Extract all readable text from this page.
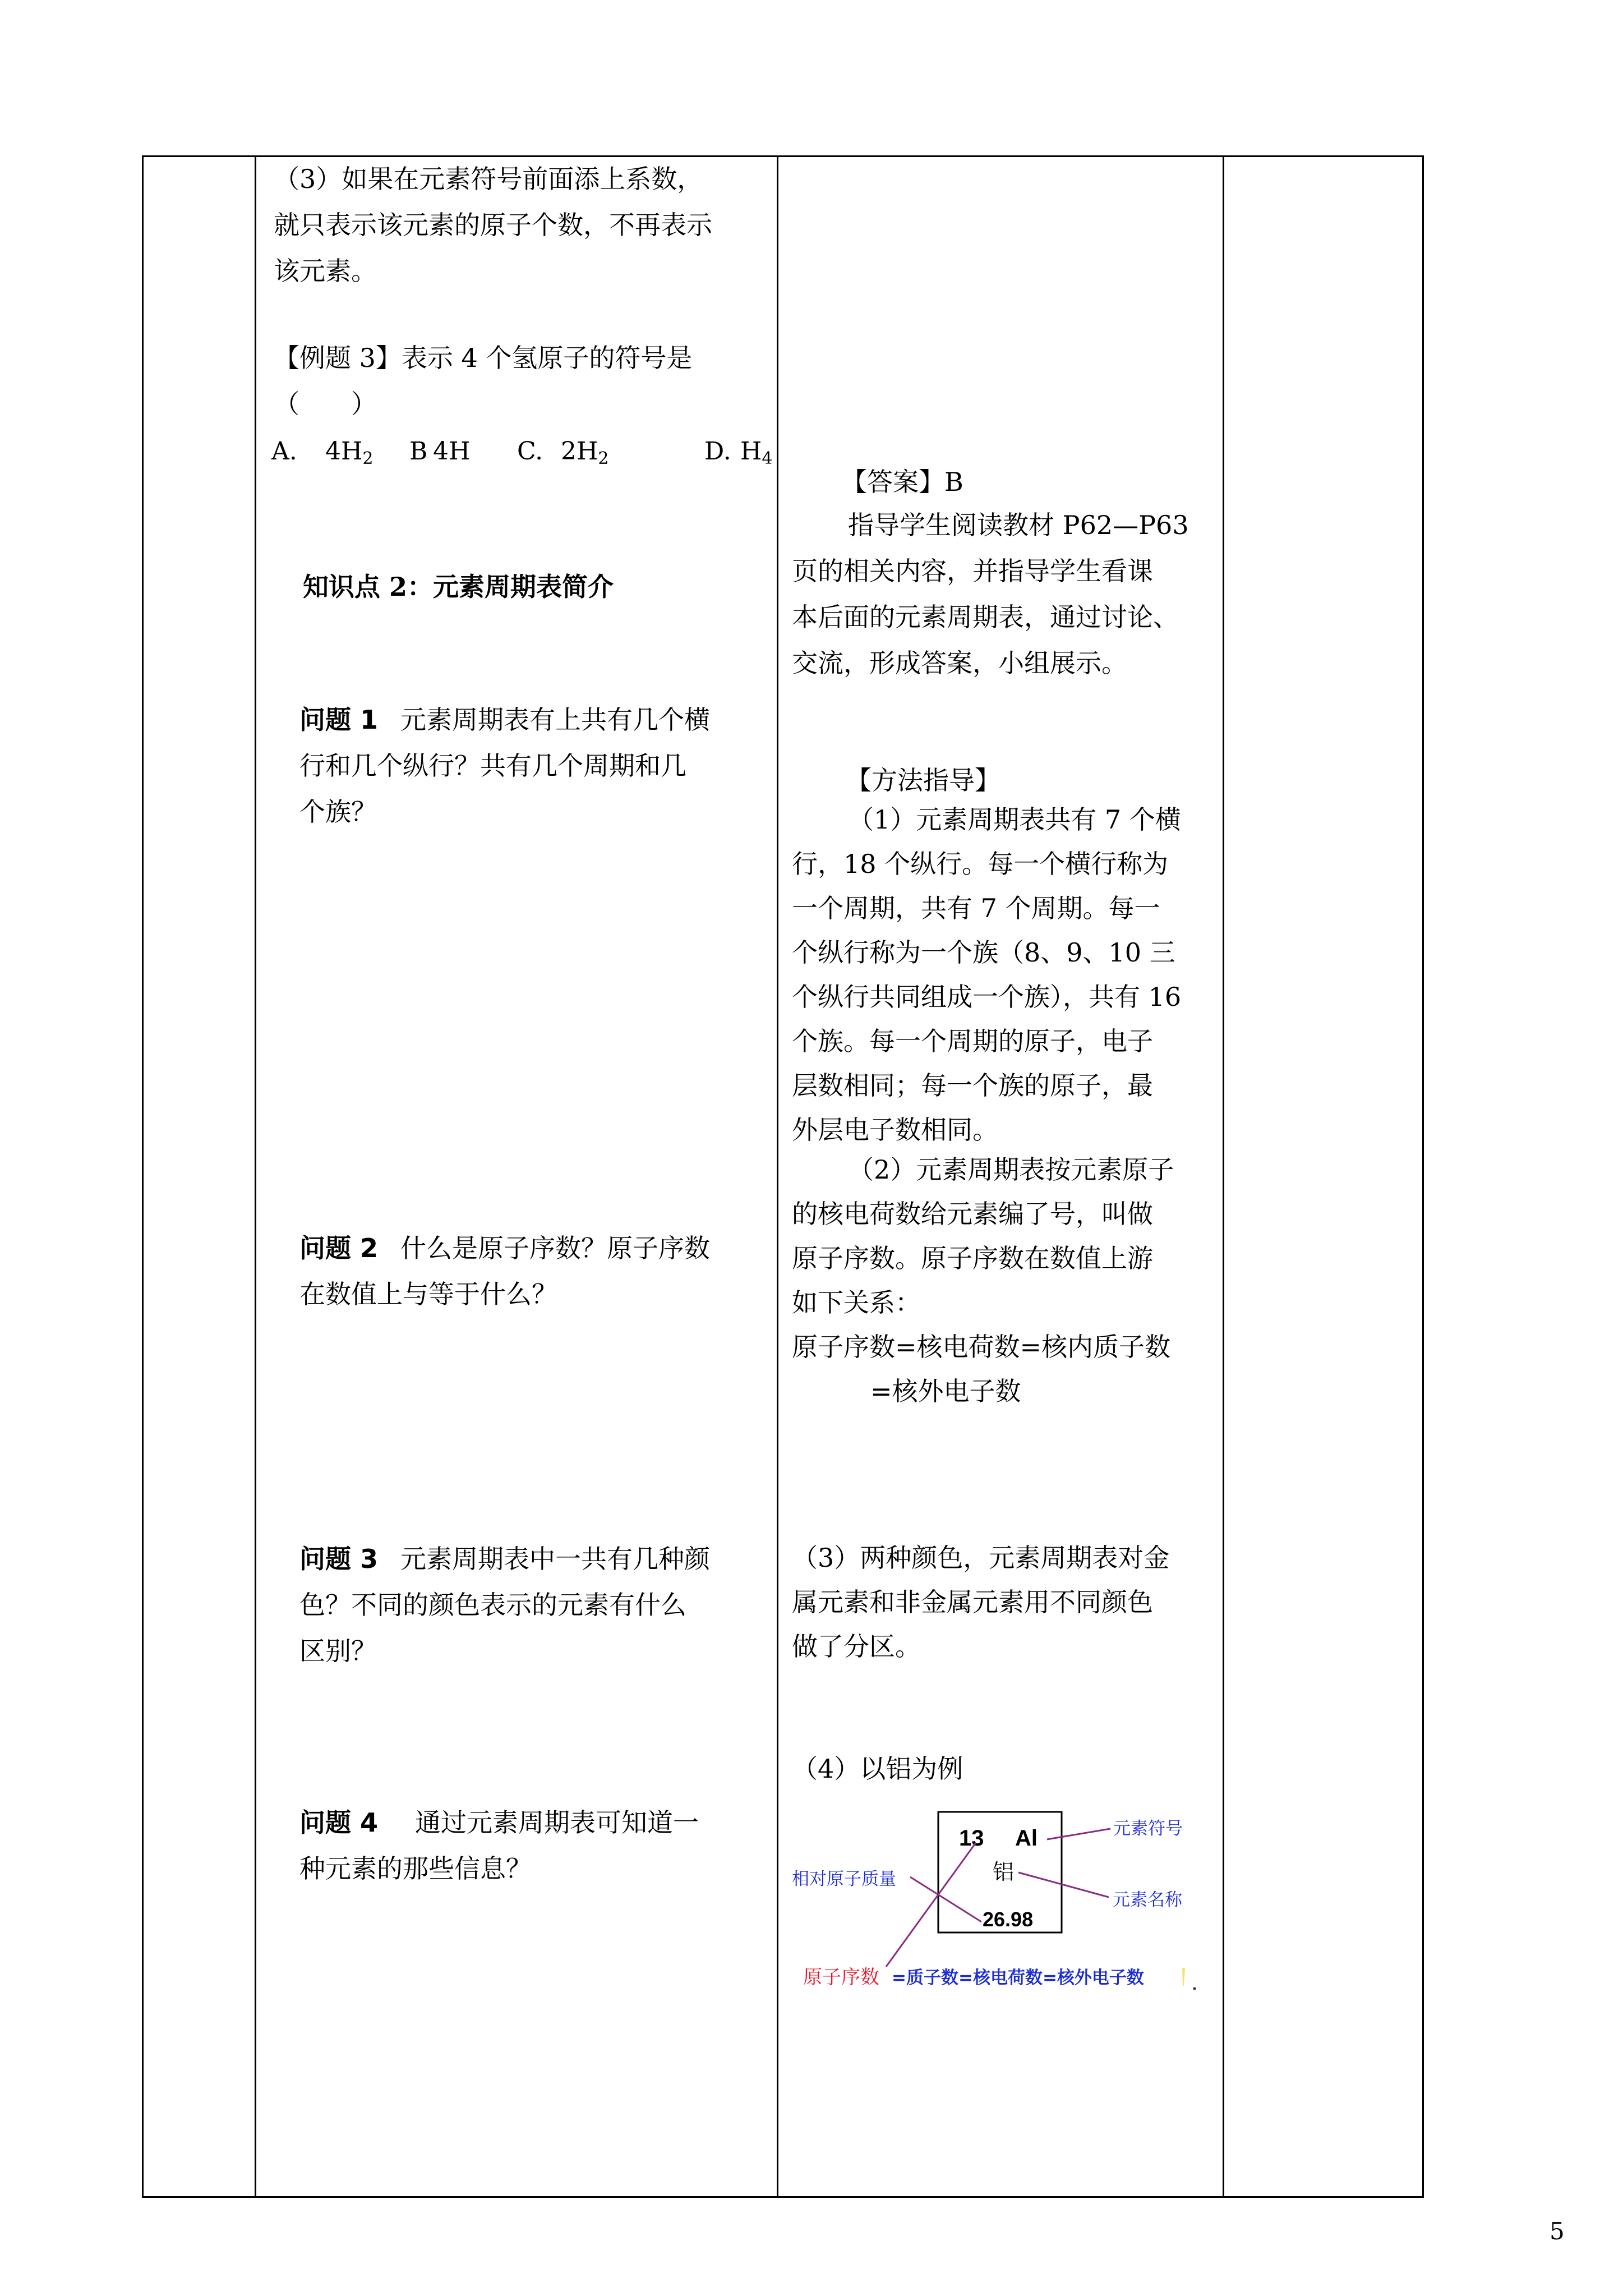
（3）如果在元素符号前面添上系数，

就只表示该元素的原子个数，不再表示

该元素。

【例题 3】表示 4 个氢原子的符号是

（　　）

A. $4H_2$ B 4H C. $2H_2$	D. $H_4$
知识点 2：元素周期表简介

问题 1 元素周期表有上共有几个横

行和几个纵行？共有几个周期和几

个族？

问题 2 什么是原子序数？原子序数

在数值上与等于什么？

问题 3 元素周期表中一共有几种颜

色？不同的颜色表示的元素有什么

区别？

问题 4 通过元素周期表可知道一

种元素的那些信息？

【答案】B

指导学生阅读教材 P62—P63

页的相关内容，并指导学生看课

本后面的元素周期表，通过讨论、

交流，形成答案，小组展示。

【方法指导】

（1）元素周期表共有 7 个横

行，18 个纵行。每一个横行称为

一个周期，共有 7 个周期。每一

个纵行称为一个族（8、9、10 三

个纵行共同组成一个族），共有 16

个族。每一个周期的原子，电子

层数相同；每一个族的原子，最

外层电子数相同。

（2）元素周期表按元素原子

的核电荷数给元素编了号，叫做

原子序数。原子序数在数值上游

如下关系：

原子序数=核电荷数=核内质子数

=核外电子数

（3）两种颜色，元素周期表对金

属元素和非金属元素用不同颜色

做了分区。

（4）以铝为例
13 Al
铝
26.98
元素符号
元素名称
相对原子质量
原子序数 =质子数=核电荷数=核外电子数
5
